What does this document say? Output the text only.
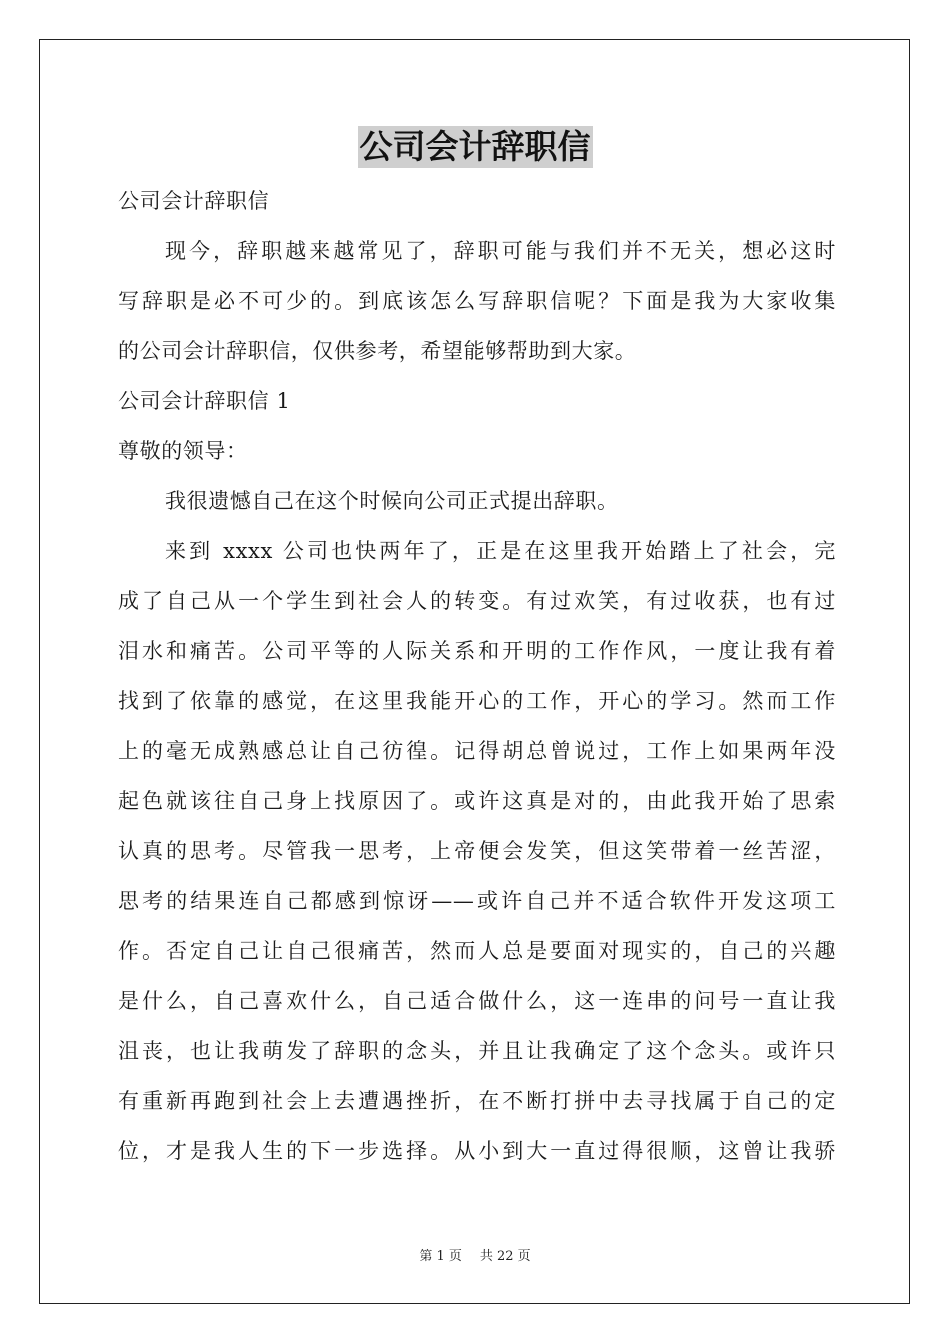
公司会计辞职信

公司会计辞职信

现今，辞职越来越常见了，辞职可能与我们并不无关，想必这时

写辞职是必不可少的。到底该怎么写辞职信呢？下面是我为大家收集

的公司会计辞职信，仅供参考，希望能够帮助到大家。

公司会计辞职信 1

尊敬的领导：

我很遗憾自己在这个时候向公司正式提出辞职。

来到 xxxx 公司也快两年了，正是在这里我开始踏上了社会，完

成了自己从一个学生到社会人的转变。有过欢笑，有过收获，也有过

泪水和痛苦。公司平等的人际关系和开明的工作作风，一度让我有着

找到了依靠的感觉，在这里我能开心的工作，开心的学习。然而工作

上的毫无成熟感总让自己彷徨。记得胡总曾说过，工作上如果两年没

起色就该往自己身上找原因了。或许这真是对的，由此我开始了思索

认真的思考。尽管我一思考，上帝便会发笑，但这笑带着一丝苦涩，

思考的结果连自己都感到惊讶——或许自己并不适合软件开发这项工

作。否定自己让自己很痛苦，然而人总是要面对现实的，自己的兴趣

是什么，自己喜欢什么，自己适合做什么，这一连串的问号一直让我

沮丧，也让我萌发了辞职的念头，并且让我确定了这个念头。或许只

有重新再跑到社会上去遭遇挫折，在不断打拼中去寻找属于自己的定

位，才是我人生的下一步选择。从小到大一直过得很顺，这曾让我骄

第 1 页 共 22 页
